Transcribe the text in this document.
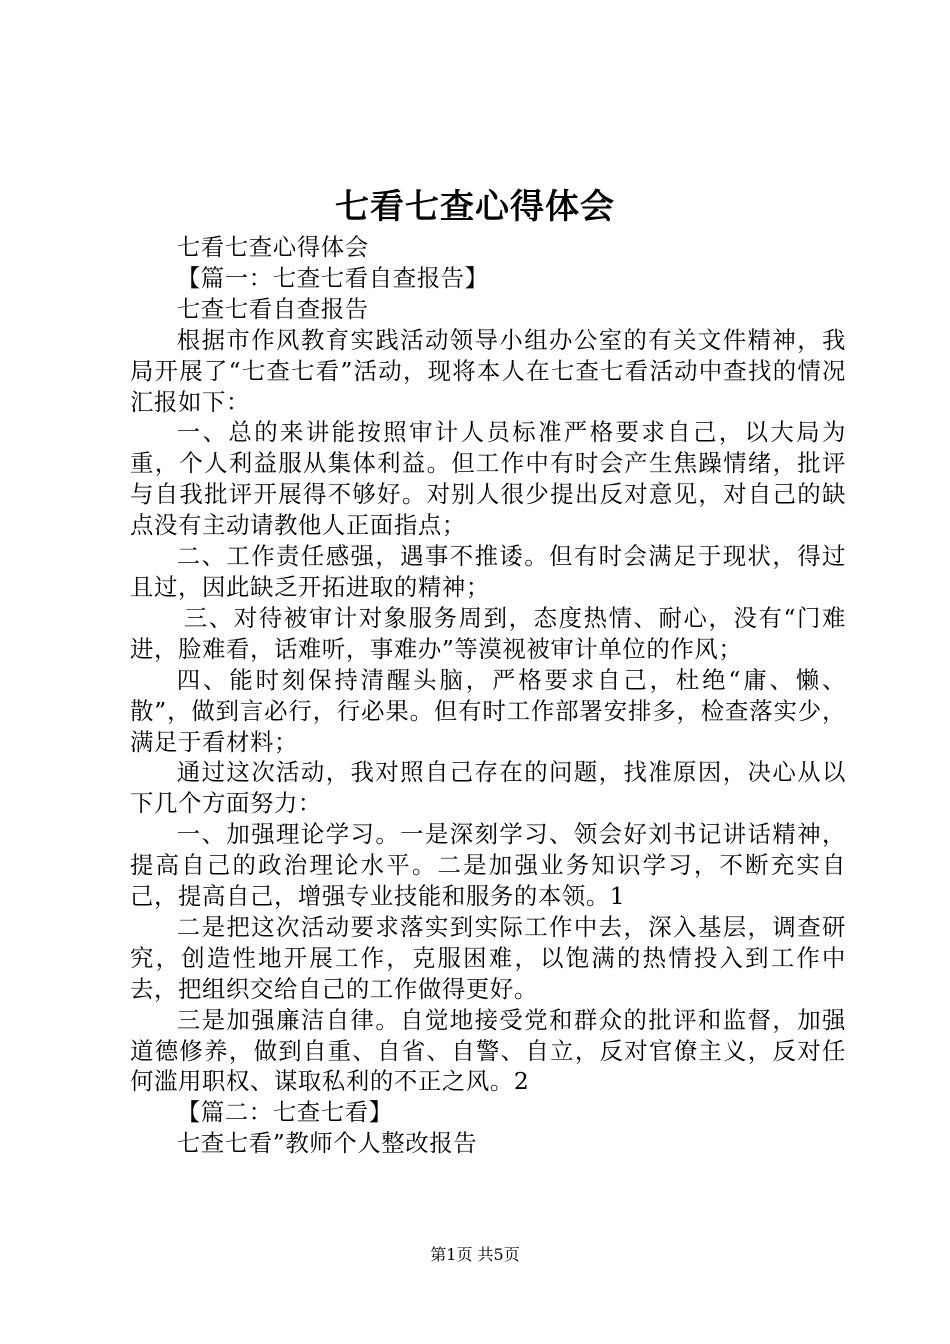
七看七查心得体会

七看七查心得体会

【篇一：七查七看自查报告】

七查七看自查报告

根据市作风教育实践活动领导小组办公室的有关文件精神，我局开展了“七查七看”活动，现将本人在七查七看活动中查找的情况汇报如下：

一、总的来讲能按照审计人员标准严格要求自己，以大局为重，个人利益服从集体利益。但工作中有时会产生焦躁情绪，批评与自我批评开展得不够好。对别人很少提出反对意见，对自己的缺点没有主动请教他人正面指点；

二、工作责任感强，遇事不推诿。但有时会满足于现状，得过且过，因此缺乏开拓进取的精神；

三、对待被审计对象服务周到，态度热情、耐心，没有“门难进，脸难看，话难听，事难办”等漠视被审计单位的作风；

四、能时刻保持清醒头脑，严格要求自己，杜绝“庸、懒、散”，做到言必行，行必果。但有时工作部署安排多，检查落实少，满足于看材料；

通过这次活动，我对照自己存在的问题，找准原因，决心从以下几个方面努力：

一、加强理论学习。一是深刻学习、领会好刘书记讲话精神，提高自己的政治理论水平。二是加强业务知识学习，不断充实自己，提高自己，增强专业技能和服务的本领。1

二是把这次活动要求落实到实际工作中去，深入基层，调查研究，创造性地开展工作，克服困难，以饱满的热情投入到工作中去，把组织交给自己的工作做得更好。

三是加强廉洁自律。自觉地接受党和群众的批评和监督，加强道德修养，做到自重、自省、自警、自立，反对官僚主义，反对任何滥用职权、谋取私利的不正之风。2

【篇二：七查七看】

七查七看”教师个人整改报告

第1页 共5页
